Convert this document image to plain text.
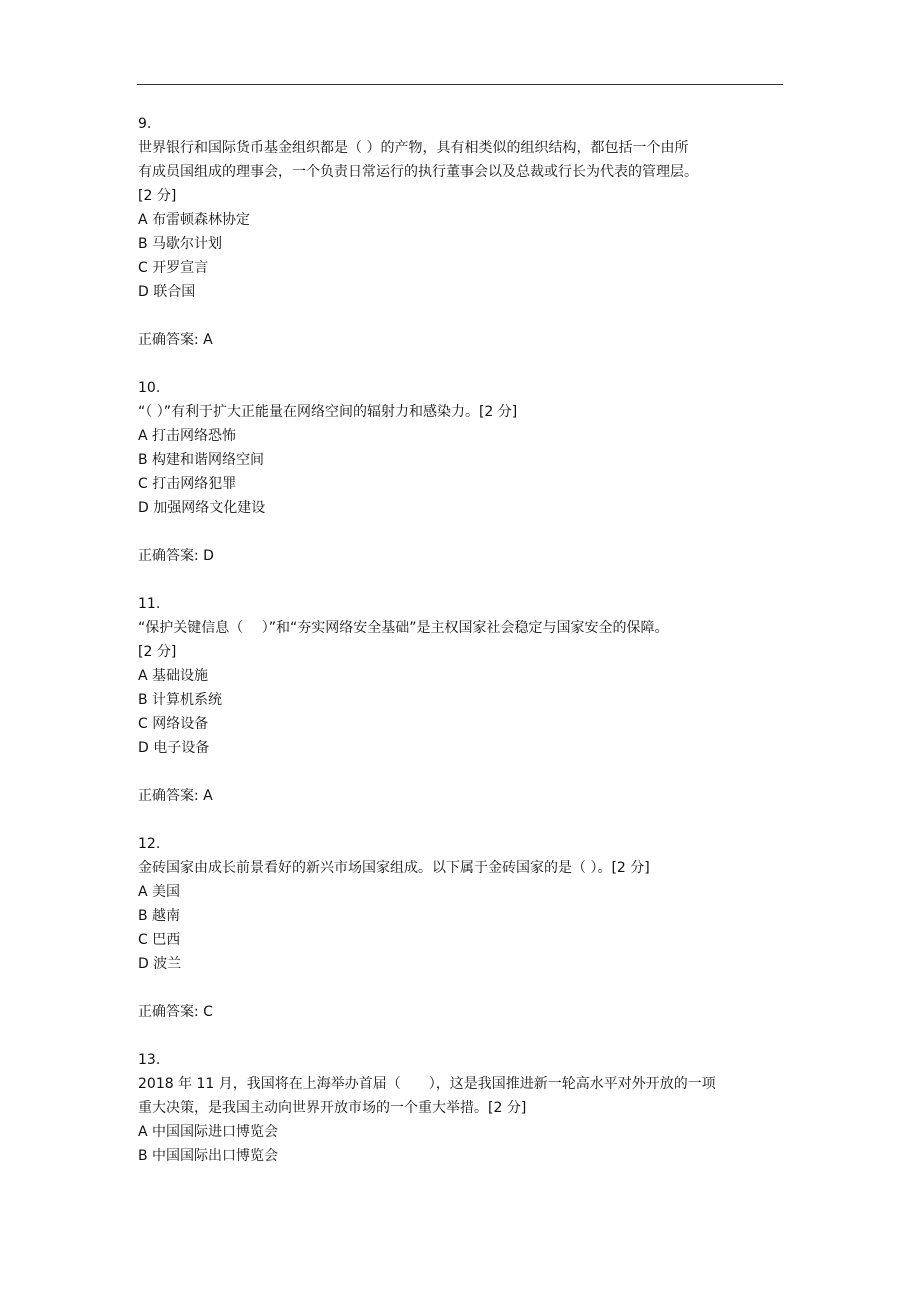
9.
世界银行和国际货币基金组织都是（ ）的产物，具有相类似的组织结构，都包括一个由所
有成员国组成的理事会，一个负责日常运行的执行董事会以及总裁或行长为代表的管理层。
[2 分]
A 布雷顿森林协定
B 马歇尔计划
C 开罗宣言
D 联合国
正确答案: A
10.
“（ ）”有利于扩大正能量在网络空间的辐射力和感染力。[2 分]
A 打击网络恐怖
B 构建和谐网络空间
C 打击网络犯罪
D 加强网络文化建设
正确答案: D
11.
“保护关键信息（　 ）”和“夯实网络安全基础”是主权国家社会稳定与国家安全的保障。
[2 分]
A 基础设施
B 计算机系统
C 网络设备
D 电子设备
正确答案: A
12.
金砖国家由成长前景看好的新兴市场国家组成。以下属于金砖国家的是（ ）。[2 分]
A 美国
B 越南
C 巴西
D 波兰
正确答案: C
13.
2018 年 11 月，我国将在上海举办首届（　　），这是我国推进新一轮高水平对外开放的一项
重大决策，是我国主动向世界开放市场的一个重大举措。[2 分]
A 中国国际进口博览会
B 中国国际出口博览会
